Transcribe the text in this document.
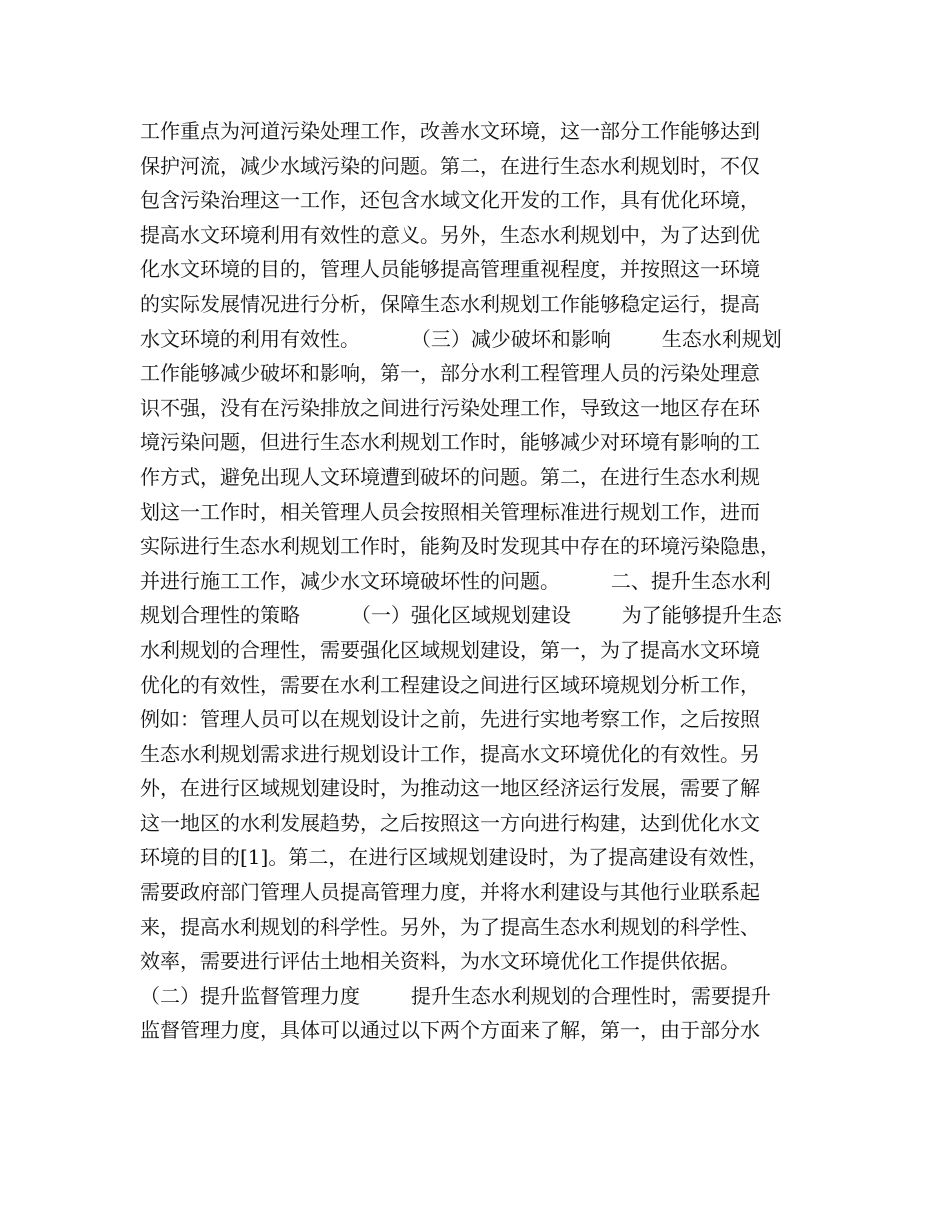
工作重点为河道污染处理工作，改善水文环境，这一部分工作能够达到
保护河流，减少水域污染的问题。第二，在进行生态水利规划时，不仅
包含污染治理这一工作，还包含水域文化开发的工作，具有优化环境，
提高水文环境利用有效性的意义。另外，生态水利规划中，为了达到优
化水文环境的目的，管理人员能够提高管理重视程度，并按照这一环境
的实际发展情况进行分析，保障生态水利规划工作能够稳定运行，提高
水文环境的利用有效性。        （三）减少破坏和影响        生态水利规划
工作能够减少破坏和影响，第一，部分水利工程管理人员的污染处理意
识不强，没有在污染排放之间进行污染处理工作，导致这一地区存在环
境污染问题，但进行生态水利规划工作时，能够减少对环境有影响的工
作方式，避免出现人文环境遭到破坏的问题。第二，在进行生态水利规
划这一工作时，相关管理人员会按照相关管理标准进行规划工作，进而
实际进行生态水利规划工作时，能夠及时发现其中存在的环境污染隐患，
并进行施工工作，减少水文环境破坏性的问题。        二、提升生态水利
规划合理性的策略        （一）强化区域规划建设        为了能够提升生态
水利规划的合理性，需要强化区域规划建设，第一，为了提高水文环境
优化的有效性，需要在水利工程建设之间进行区域环境规划分析工作，
例如：管理人员可以在规划设计之前，先进行实地考察工作，之后按照
生态水利规划需求进行规划设计工作，提高水文环境优化的有效性。另
外，在进行区域规划建设时，为推动这一地区经济运行发展，需要了解
这一地区的水利发展趋势，之后按照这一方向进行构建，达到优化水文
环境的目的[1]。第二，在进行区域规划建设时，为了提高建设有效性，
需要政府部门管理人员提高管理力度，并将水利建设与其他行业联系起
来，提高水利规划的科学性。另外，为了提高生态水利规划的科学性、
效率，需要进行评估土地相关资料，为水文环境优化工作提供依据。
（二）提升监督管理力度        提升生态水利规划的合理性时，需要提升
监督管理力度，具体可以通过以下两个方面来了解，第一，由于部分水
